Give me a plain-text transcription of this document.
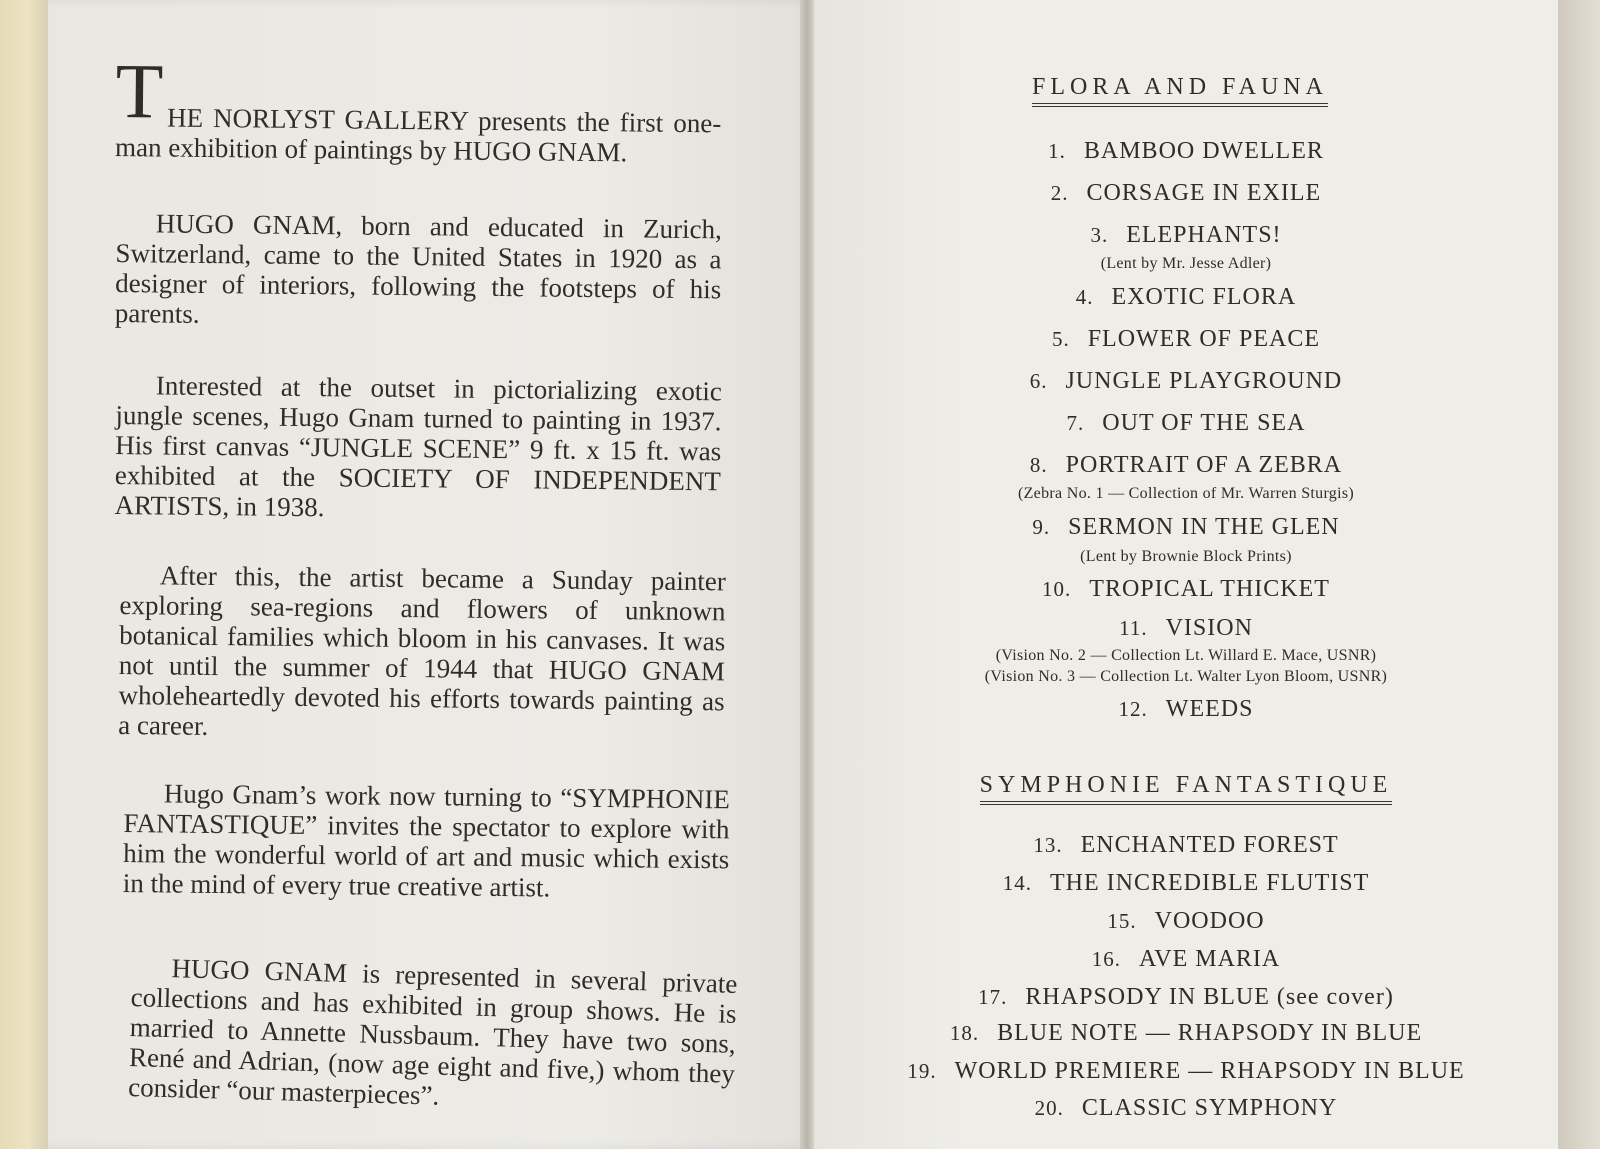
T HE NORLYST GALLERY presents the first one-man exhibition of paintings by HUGO GNAM.

HUGO GNAM, born and educated in Zurich, Switzerland, came to the United States in 1920 as a designer of interiors, following the footsteps of his parents.

Interested at the outset in pictorializing exotic jungle scenes, Hugo Gnam turned to painting in 1937. His first canvas “JUNGLE SCENE” 9 ft. x 15 ft. was exhibited at the SOCIETY OF INDEPENDENT ARTISTS, in 1938.

After this, the artist became a Sunday painter exploring sea-regions and flowers of unknown botanical families which bloom in his canvases. It was not until the summer of 1944 that HUGO GNAM wholeheartedly devoted his efforts towards painting as a career.

Hugo Gnam’s work now turning to “SYMPHONIE FANTASTIQUE” invites the spectator to explore with him the wonderful world of art and music which exists in the mind of every true creative artist.

HUGO GNAM is represented in several private collections and has exhibited in group shows. He is married to Annette Nussbaum. They have two sons, René and Adrian, (now age eight and five,) whom they consider “our masterpieces”.

FLORA AND FAUNA
1. BAMBOO DWELLER
2. CORSAGE IN EXILE
3. ELEPHANTS!
(Lent by Mr. Jesse Adler)
4. EXOTIC FLORA
5. FLOWER OF PEACE
6. JUNGLE PLAYGROUND
7. OUT OF THE SEA
8. PORTRAIT OF A ZEBRA
(Zebra No. 1 — Collection of Mr. Warren Sturgis)
9. SERMON IN THE GLEN
(Lent by Brownie Block Prints)
10. TROPICAL THICKET
11. VISION
(Vision No. 2 — Collection Lt. Willard E. Mace, USNR)
(Vision No. 3 — Collection Lt. Walter Lyon Bloom, USNR)
12. WEEDS
SYMPHONIE FANTASTIQUE
13. ENCHANTED FOREST
14. THE INCREDIBLE FLUTIST
15. VOODOO
16. AVE MARIA
17. RHAPSODY IN BLUE (see cover)
18. BLUE NOTE — RHAPSODY IN BLUE
19. WORLD PREMIERE — RHAPSODY IN BLUE
20. CLASSIC SYMPHONY
